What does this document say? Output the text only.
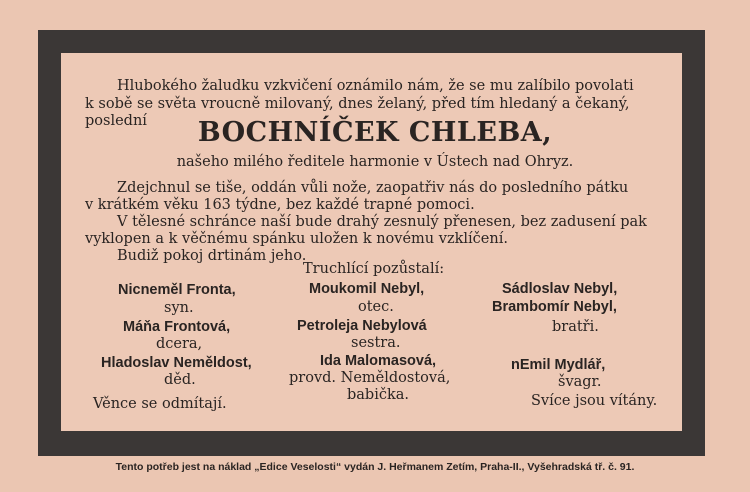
Hlubokého žaludku vzkvičení oznámilo nám, že se mu zalíbilo povolati
k sobě se světa vroucně milovaný, dnes želaný, před tím hledaný a čekaný,
poslední	BOCHNÍČEK CHLEBA,
našeho milého ředitele harmonie v Ústech nad Ohryz.
Zdejchnul se tiše, oddán vůli nože, zaopatřiv nás do posledního pátku
v krátkém věku 163 týdne, bez každé trapné pomoci.
V tělesné schránce naší bude drahý zesnulý přenesen, bez zadusení pak
vyklopen a k věčnému spánku uložen k novému vzklíčení.
Budiž pokoj drtinám jeho.
Truchlící pozůstalí:
Nicneměl Fronta,
syn.
Máňa Frontová,
dcera,
Hladoslav Neměldost,
děd.
Moukomil Nebyl,
otec.
Petroleja Nebylová
sestra.
Ida Malomasová,
provd. Neměldostová,
babička.
Sádloslav Nebyl,
Brambomír Nebyl,
bratři.
nEmil Mydlář,
švagr.
Věnce se odmítají.	Svíce jsou vítány.
Tento potřeb jest na náklad „Edice Veselosti“ vydán J. Heřmanem Zetím, Praha-II., Vyšehradská tř. č. 91.
